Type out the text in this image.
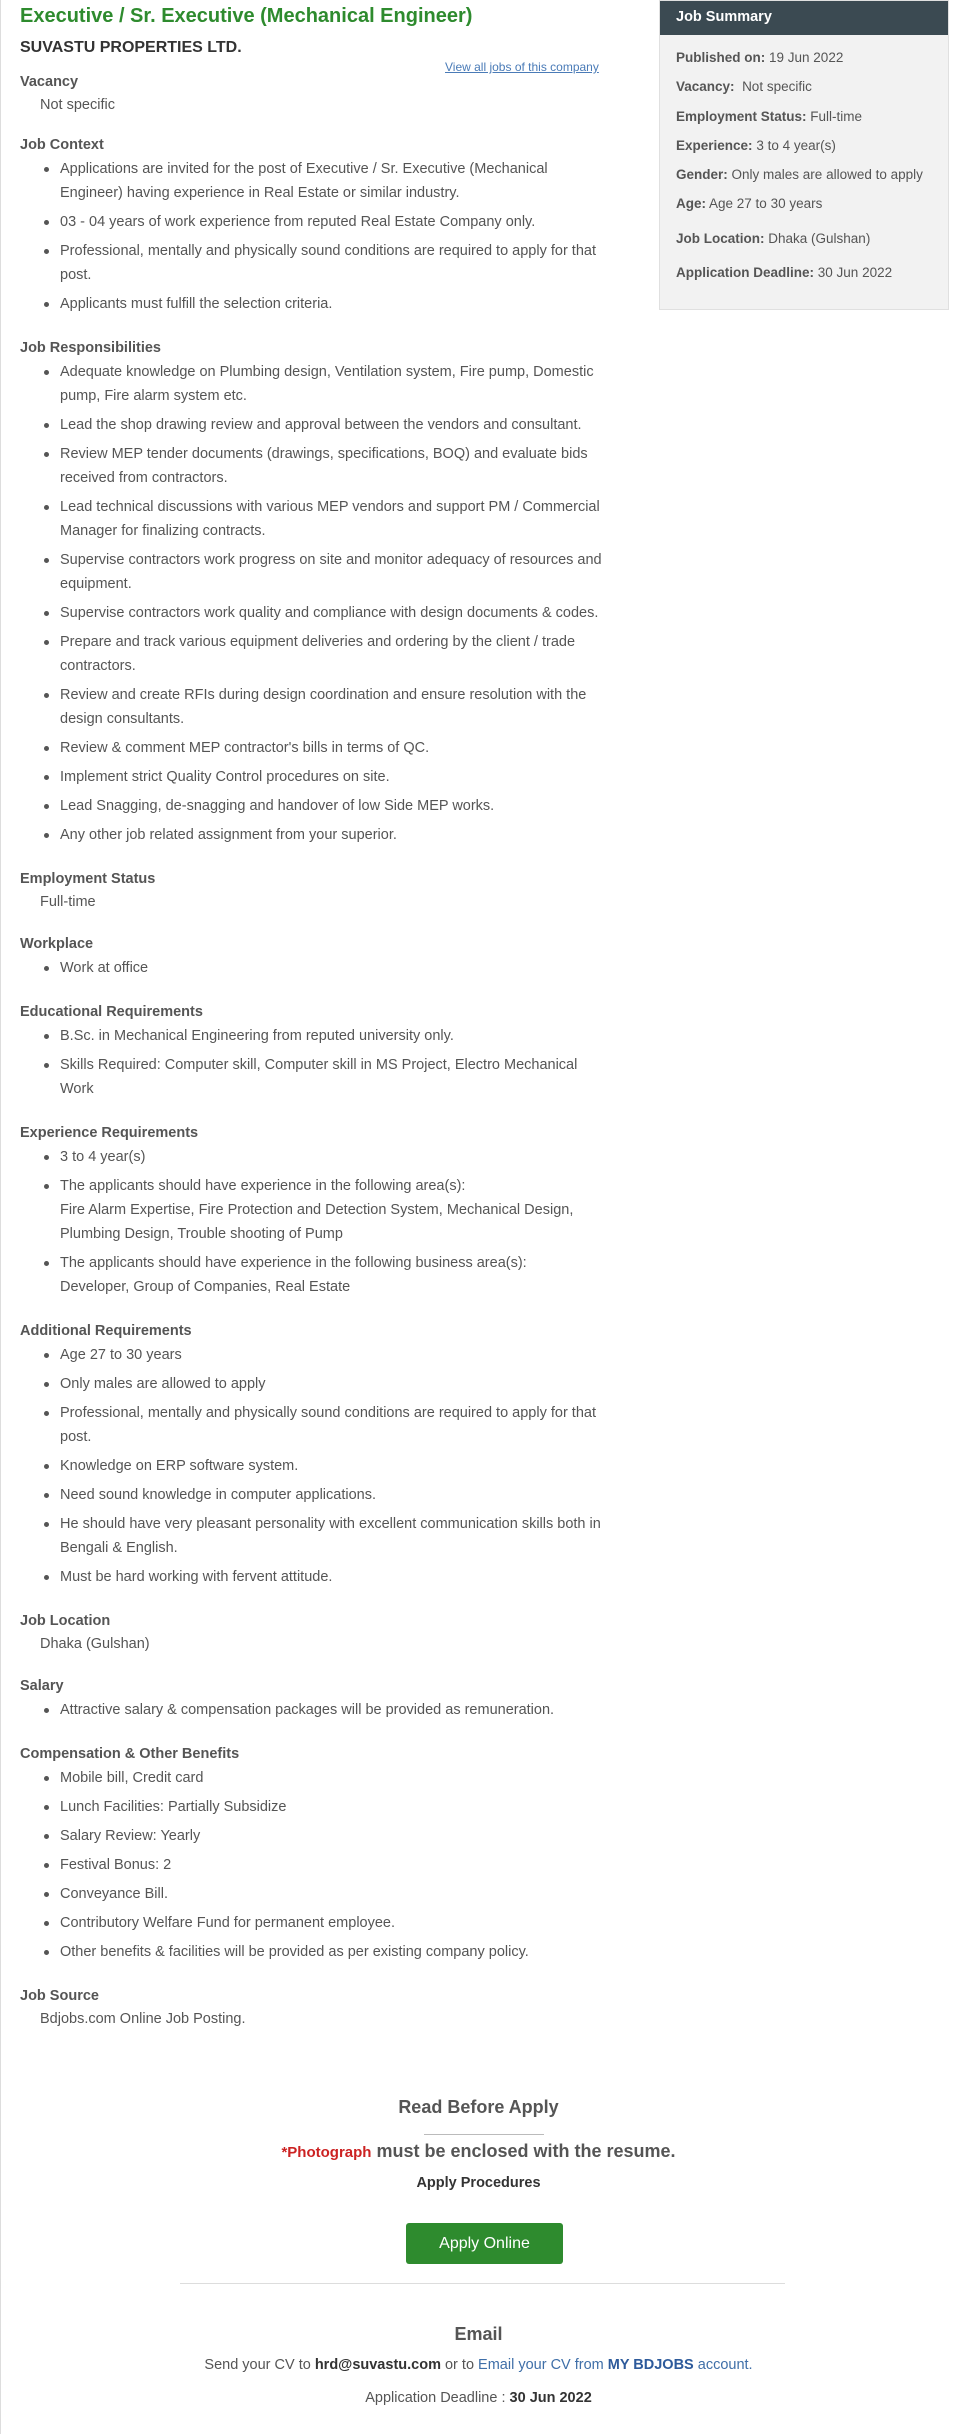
Executive / Sr. Executive (Mechanical Engineer)
SUVASTU PROPERTIES LTD.
View all jobs of this company
Vacancy
Not specific
Job Context
Applications are invited for the post of Executive / Sr. Executive (Mechanical Engineer) having experience in Real Estate or similar industry.
03 - 04 years of work experience from reputed Real Estate Company only.
Professional, mentally and physically sound conditions are required to apply for that post.
Applicants must fulfill the selection criteria.
Job Responsibilities
Adequate knowledge on Plumbing design, Ventilation system, Fire pump, Domestic pump, Fire alarm system etc.
Lead the shop drawing review and approval between the vendors and consultant.
Review MEP tender documents (drawings, specifications, BOQ) and evaluate bids received from contractors.
Lead technical discussions with various MEP vendors and support PM / Commercial Manager for finalizing contracts.
Supervise contractors work progress on site and monitor adequacy of resources and equipment.
Supervise contractors work quality and compliance with design documents & codes.
Prepare and track various equipment deliveries and ordering by the client / trade contractors.
Review and create RFIs during design coordination and ensure resolution with the design consultants.
Review & comment MEP contractor's bills in terms of QC.
Implement strict Quality Control procedures on site.
Lead Snagging, de-snagging and handover of low Side MEP works.
Any other job related assignment from your superior.
Employment Status
Full-time
Workplace
Work at office
Educational Requirements
B.Sc. in Mechanical Engineering from reputed university only.
Skills Required: Computer skill, Computer skill in MS Project, Electro Mechanical Work
Experience Requirements
3 to 4 year(s)
The applicants should have experience in the following area(s):
Fire Alarm Expertise, Fire Protection and Detection System, Mechanical Design, Plumbing Design, Trouble shooting of Pump
The applicants should have experience in the following business area(s):
Developer, Group of Companies, Real Estate
Additional Requirements
Age 27 to 30 years
Only males are allowed to apply
Professional, mentally and physically sound conditions are required to apply for that post.
Knowledge on ERP software system.
Need sound knowledge in computer applications.
He should have very pleasant personality with excellent communication skills both in Bengali & English.
Must be hard working with fervent attitude.
Job Location
Dhaka (Gulshan)
Salary
Attractive salary & compensation packages will be provided as remuneration.
Compensation & Other Benefits
Mobile bill, Credit card
Lunch Facilities: Partially Subsidize
Salary Review: Yearly
Festival Bonus: 2
Conveyance Bill.
Contributory Welfare Fund for permanent employee.
Other benefits & facilities will be provided as per existing company policy.
Job Source
Bdjobs.com Online Job Posting.
Job Summary
Published on: 19 Jun 2022
Vacancy: Not specific
Employment Status: Full-time
Experience: 3 to 4 year(s)
Gender: Only males are allowed to apply
Age: Age 27 to 30 years
Job Location: Dhaka (Gulshan)
Application Deadline: 30 Jun 2022
Read Before Apply
*Photograph must be enclosed with the resume.
Apply Procedures
Apply Online
Email
Send your CV to hrd@suvastu.com or to Email your CV from MY BDJOBS account.
Application Deadline : 30 Jun 2022
